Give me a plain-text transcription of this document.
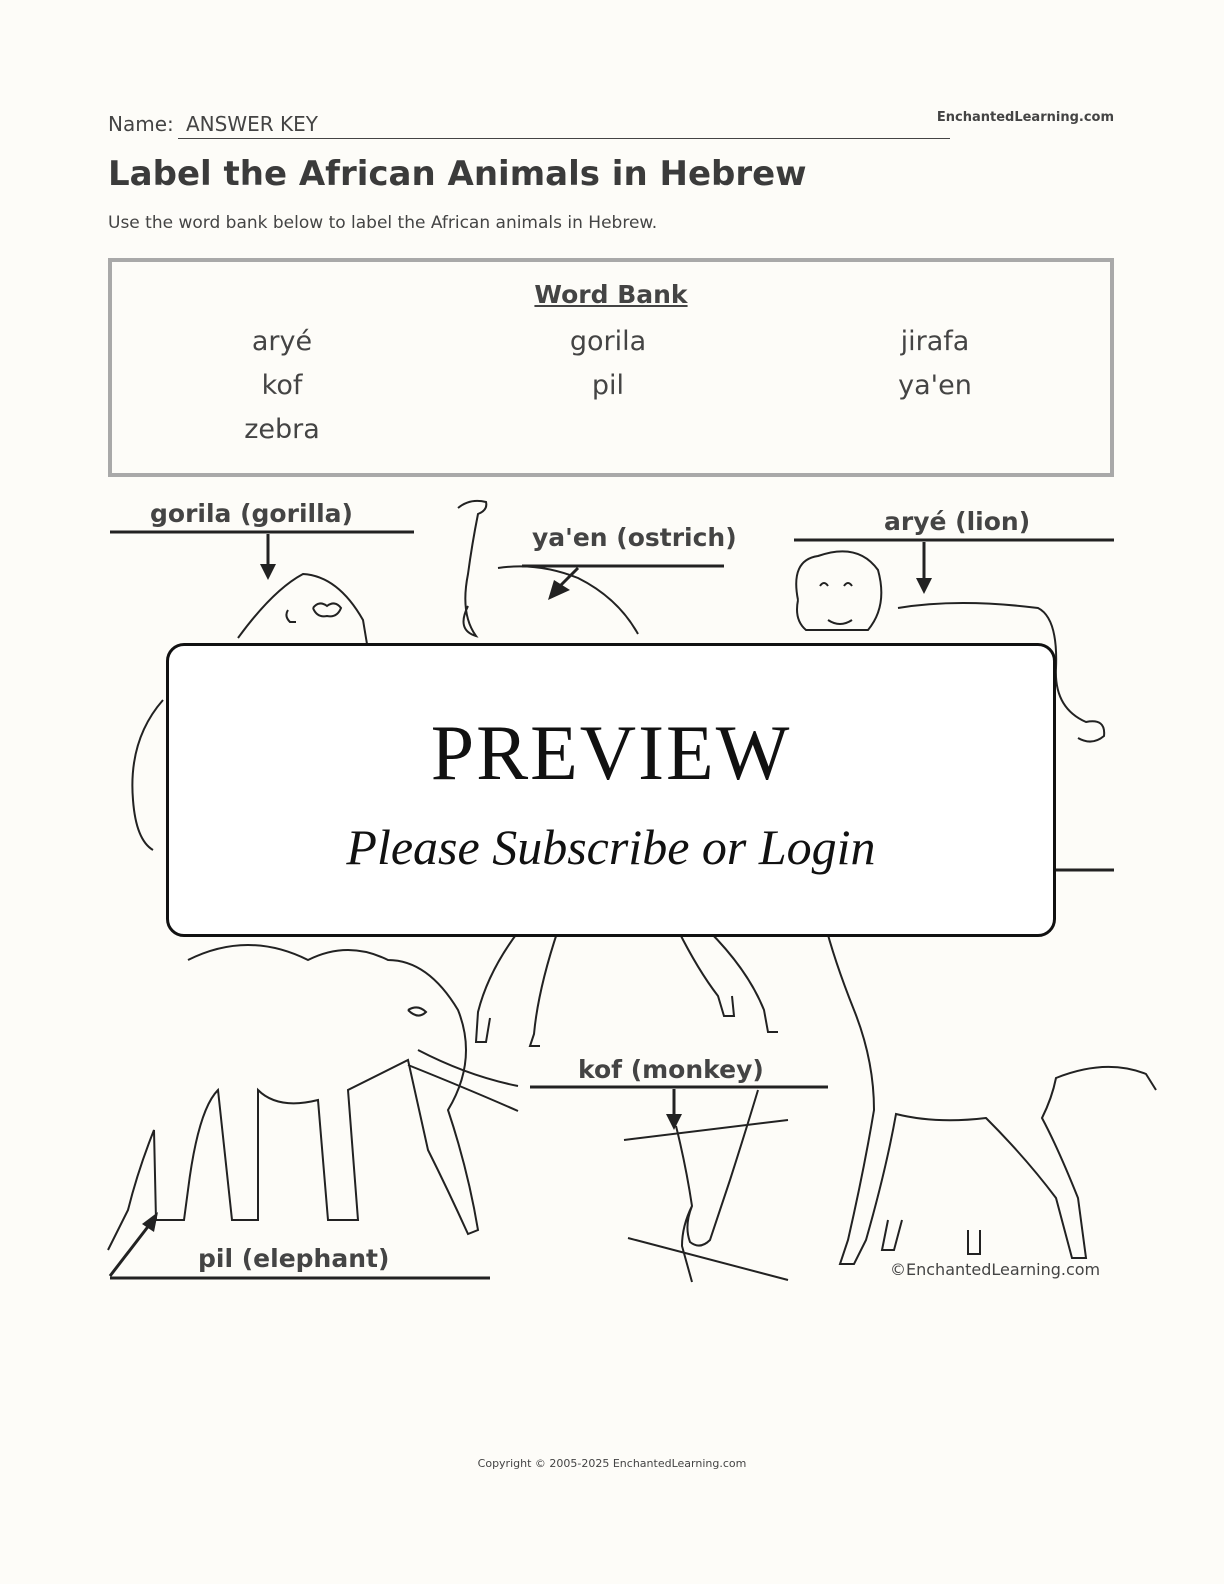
Name: ANSWER KEY	EnchantedLearning.com
Label the African Animals in Hebrew
Use the word bank below to label the African animals in Hebrew.
Word Bank
aryé	gorila	jirafa
kof	pil	ya'en
zebra
gorila (gorilla)
ya'en (ostrich)
aryé (lion)
pil (elephant)
kof (monkey)
©EnchantedLearning.com
PREVIEW
Please Subscribe or Login
Copyright © 2005-2025 EnchantedLearning.com
